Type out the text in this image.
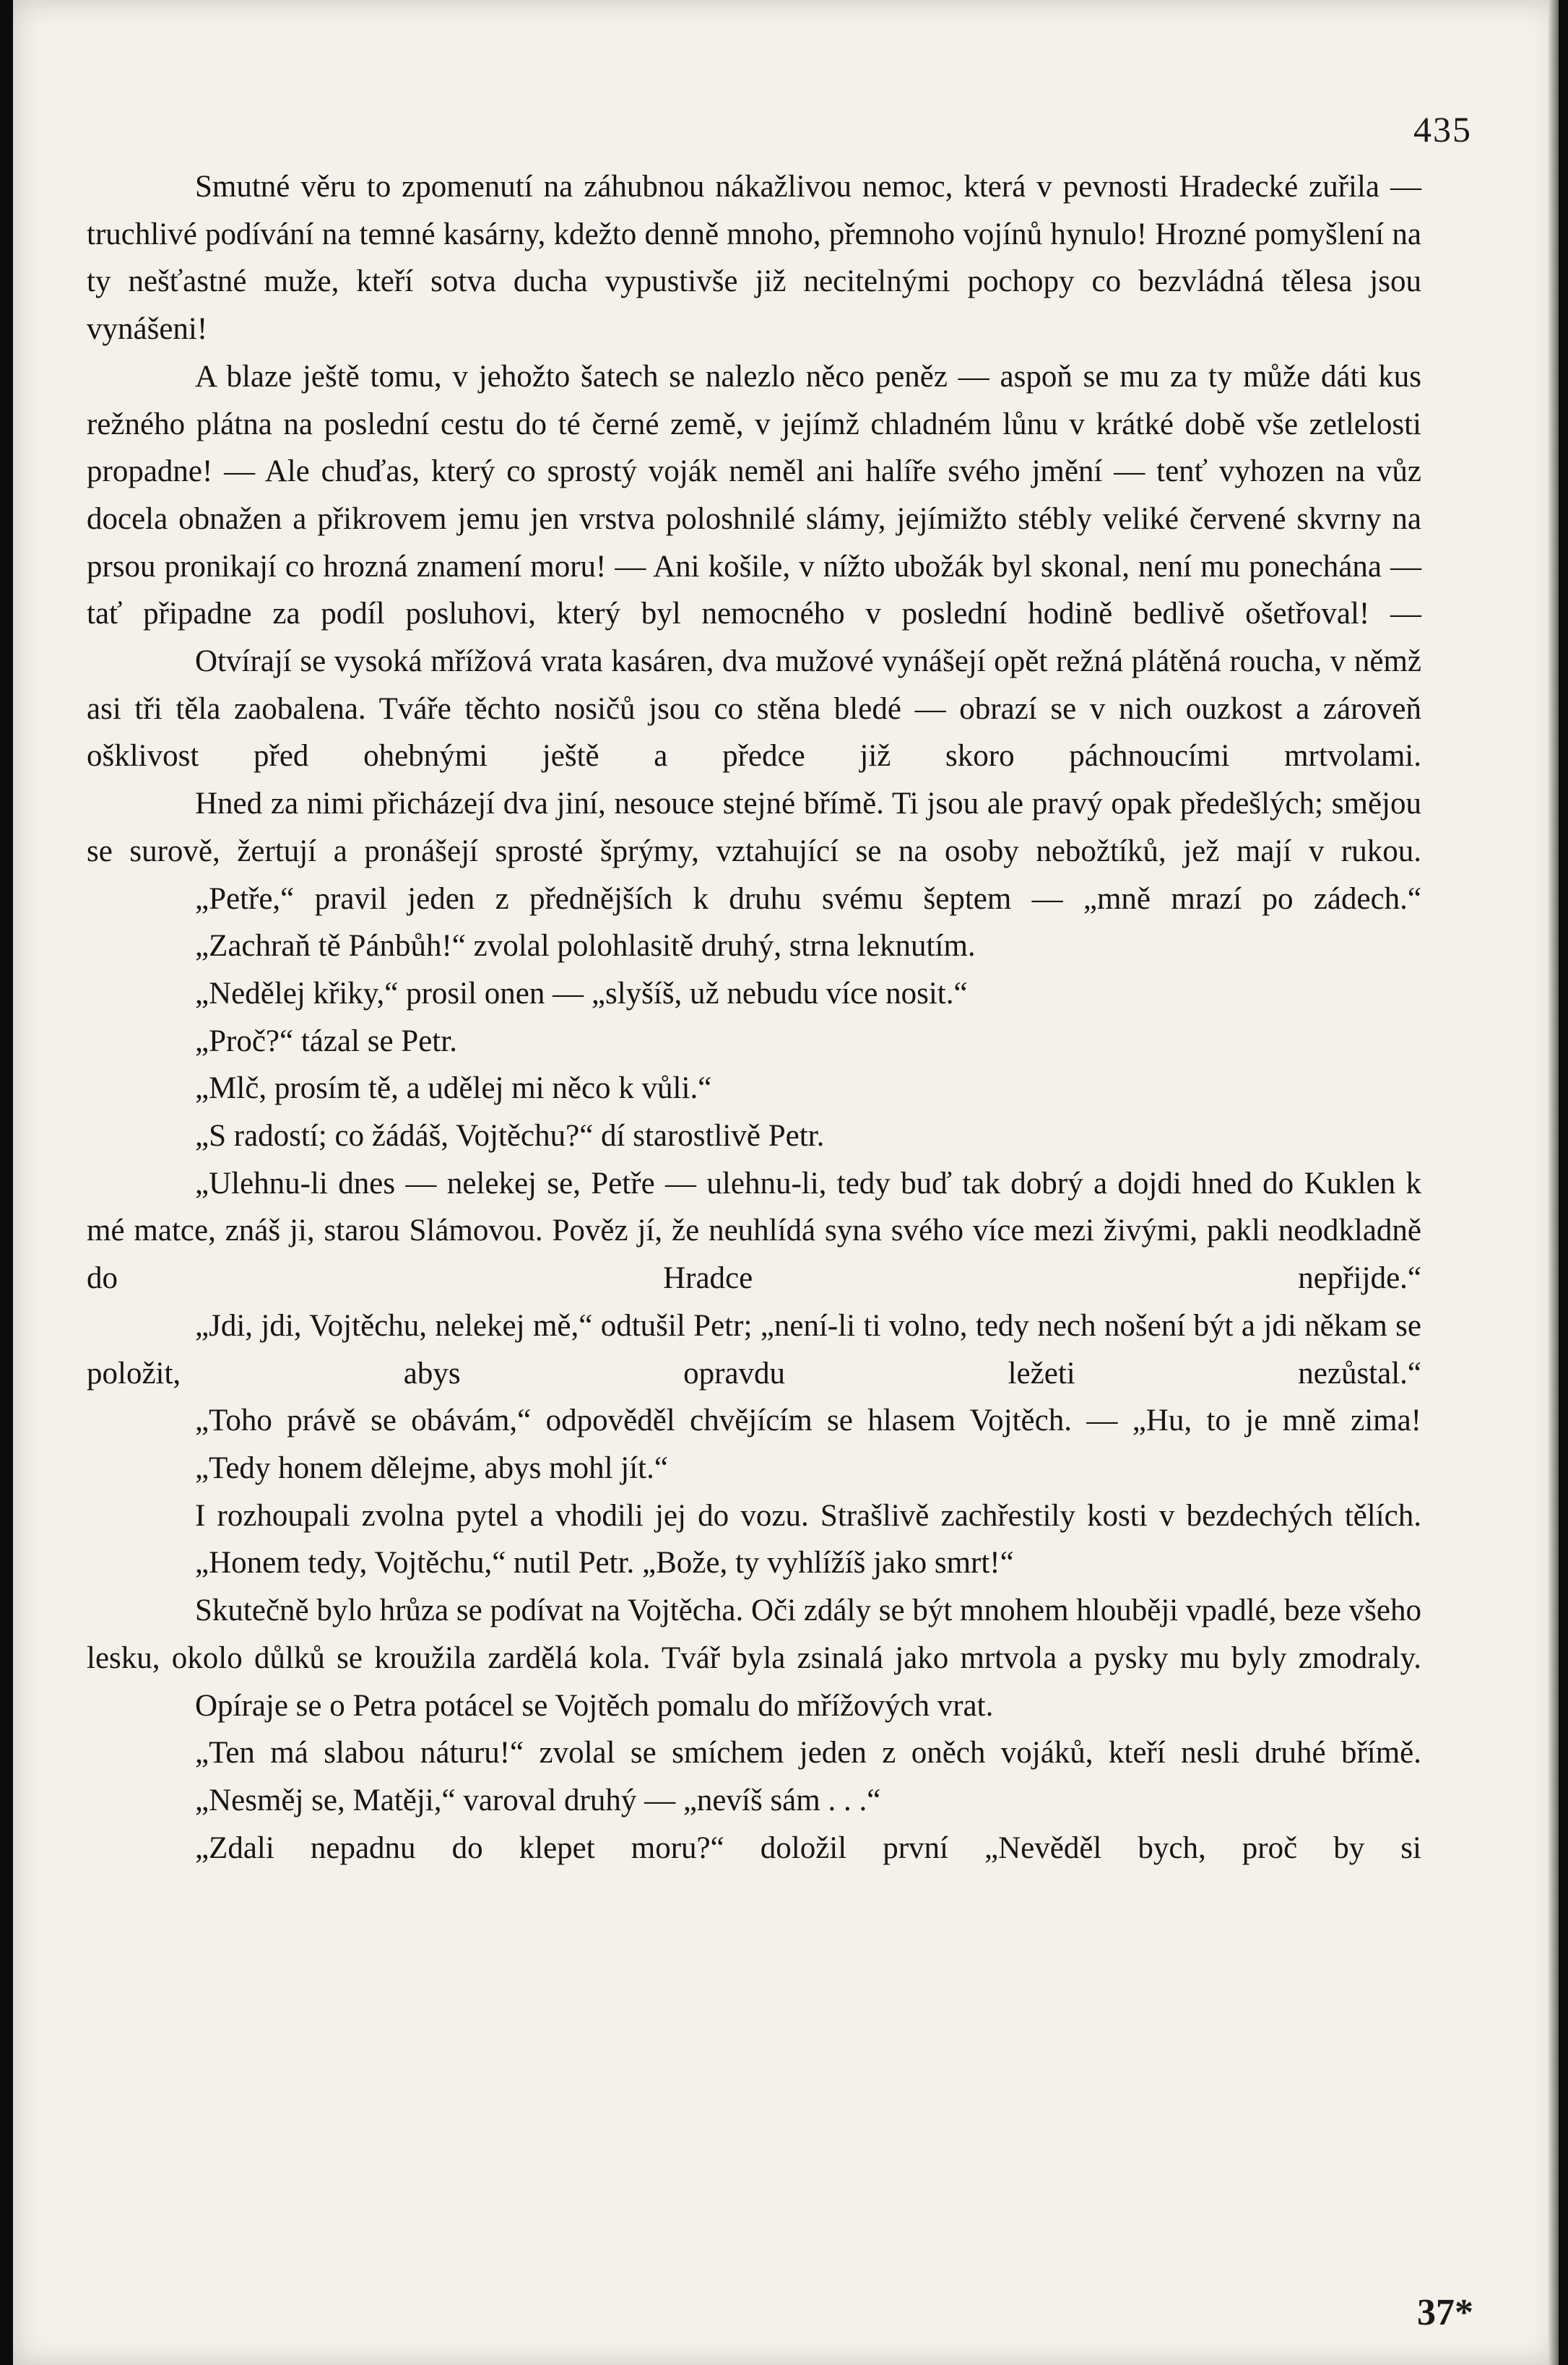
435

Smutné věru to zpomenutí na záhubnou nákažlivou nemoc, která v pevnosti Hradecké zuřila — truchlivé podívání na temné kasárny, kdežto denně mnoho, přemnoho vojínů hynulo! Hrozné pomyšlení na ty nešťastné muže, kteří sotva ducha vypustivše již necitelnými pochopy co bezvládná tělesa jsou vynášeni!

A blaze ještě tomu, v jehožto šatech se nalezlo něco peněz — aspoň se mu za ty může dáti kus režného plátna na poslední cestu do té černé země, v jejímž chladném lůnu v krátké době vše zetlelosti propadne! — Ale chuďas, který co sprostý voják neměl ani halíře svého jmění — tenť vyhozen na vůz docela obnažen a přikrovem jemu jen vrstva poloshnilé slámy, jejímižto stébly veliké červené skvrny na prsou pronikají co hrozná znamení moru! — Ani košile, v nížto ubožák byl skonal, není mu ponechána — tať připadne za podíl posluhovi, který byl nemocného v poslední hodině bedlivě ošetřoval! —

Otvírají se vysoká mřížová vrata kasáren, dva mužové vynášejí opět režná plátěná roucha, v němž asi tři těla zaobalena. Tváře těchto nosičů jsou co stěna bledé — obrazí se v nich ouzkost a zároveň ošklivost před ohebnými ještě a předce již skoro páchnoucími mrtvolami.

Hned za nimi přicházejí dva jiní, nesouce stejné břímě. Ti jsou ale pravý opak předešlých; smějou se surově, žertují a pronášejí sprosté šprýmy, vztahující se na osoby nebožtíků, jež mají v rukou.

„Petře,“ pravil jeden z přednějších k druhu svému šeptem — „mně mrazí po zádech.“

„Zachraň tě Pánbůh!“ zvolal polohlasitě druhý, strna leknutím.

„Nedělej křiky,“ prosil onen — „slyšíš, už nebudu více nosit.“

„Proč?“ tázal se Petr.

„Mlč, prosím tě, a udělej mi něco k vůli.“

„S radostí; co žádáš, Vojtěchu?“ dí starostlivě Petr.

„Ulehnu-li dnes — nelekej se, Petře — ulehnu-li, tedy buď tak dobrý a dojdi hned do Kuklen k mé matce, znáš ji, starou Slámovou. Pověz jí, že neuhlídá syna svého více mezi živými, pakli neodkladně do Hradce nepřijde.“

„Jdi, jdi, Vojtěchu, nelekej mě,“ odtušil Petr; „není-li ti volno, tedy nech nošení být a jdi někam se položit, abys opravdu ležeti nezůstal.“

„Toho právě se obávám,“ odpověděl chvějícím se hlasem Vojtěch. — „Hu, to je mně zima!

„Tedy honem dělejme, abys mohl jít.“

I rozhoupali zvolna pytel a vhodili jej do vozu. Strašlivě zachřestily kosti v bezdechých tělích.

„Honem tedy, Vojtěchu,“ nutil Petr. „Bože, ty vyhlížíš jako smrt!“

Skutečně bylo hrůza se podívat na Vojtěcha. Oči zdály se být mnohem hlouběji vpadlé, beze všeho lesku, okolo důlků se kroužila zardělá kola. Tvář byla zsinalá jako mrtvola a pysky mu byly zmodraly.

Opíraje se o Petra potácel se Vojtěch pomalu do mřížových vrat.

„Ten má slabou náturu!“ zvolal se smíchem jeden z oněch vojáků, kteří nesli druhé břímě.

„Nesměj se, Matěji,“ varoval druhý — „nevíš sám . . .“

„Zdali nepadnu do klepet moru?“ doložil první „Nevěděl bych, proč by si

37*
